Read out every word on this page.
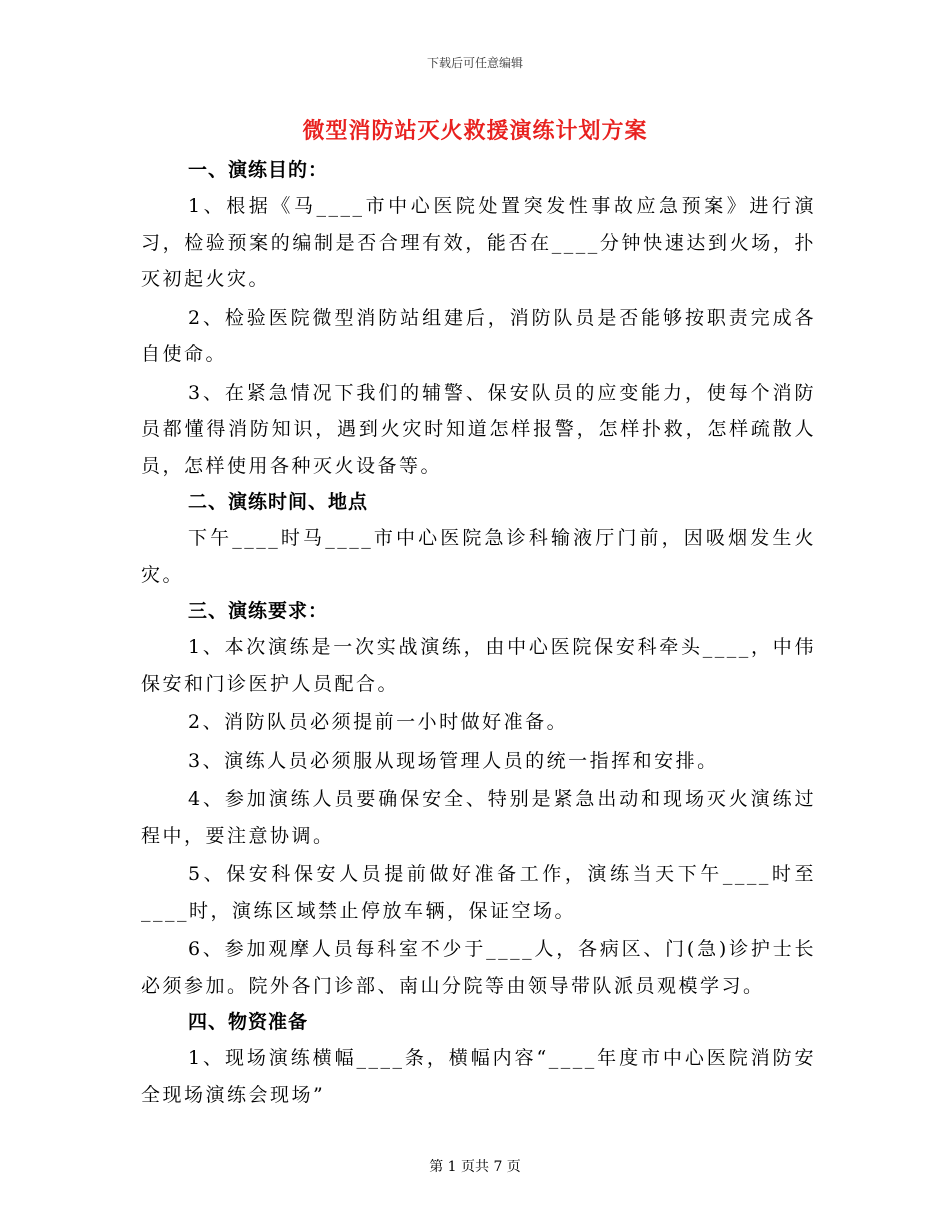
下载后可任意编辑
微型消防站灭火救援演练计划方案

一、演练目的：

1、根据《马____市中心医院处置突发性事故应急预案》进行演习，检验预案的编制是否合理有效，能否在____分钟快速达到火场，扑灭初起火灾。

2、检验医院微型消防站组建后，消防队员是否能够按职责完成各自使命。

3、在紧急情况下我们的辅警、保安队员的应变能力，使每个消防员都懂得消防知识，遇到火灾时知道怎样报警，怎样扑救，怎样疏散人员，怎样使用各种灭火设备等。

二、演练时间、地点

下午____时马____市中心医院急诊科输液厅门前，因吸烟发生火灾。

三、演练要求：

1、本次演练是一次实战演练，由中心医院保安科牵头____，中伟保安和门诊医护人员配合。

2、消防队员必须提前一小时做好准备。

3、演练人员必须服从现场管理人员的统一指挥和安排。

4、参加演练人员要确保安全、特别是紧急出动和现场灭火演练过程中，要注意协调。

5、保安科保安人员提前做好准备工作，演练当天下午____时至____时，演练区域禁止停放车辆，保证空场。

6、参加观摩人员每科室不少于____人，各病区、门(急)诊护士长必须参加。院外各门诊部、南山分院等由领导带队派员观模学习。

四、物资准备

1、现场演练横幅____条，横幅内容“____年度市中心医院消防安全现场演练会现场”

第 1 页共 7 页
